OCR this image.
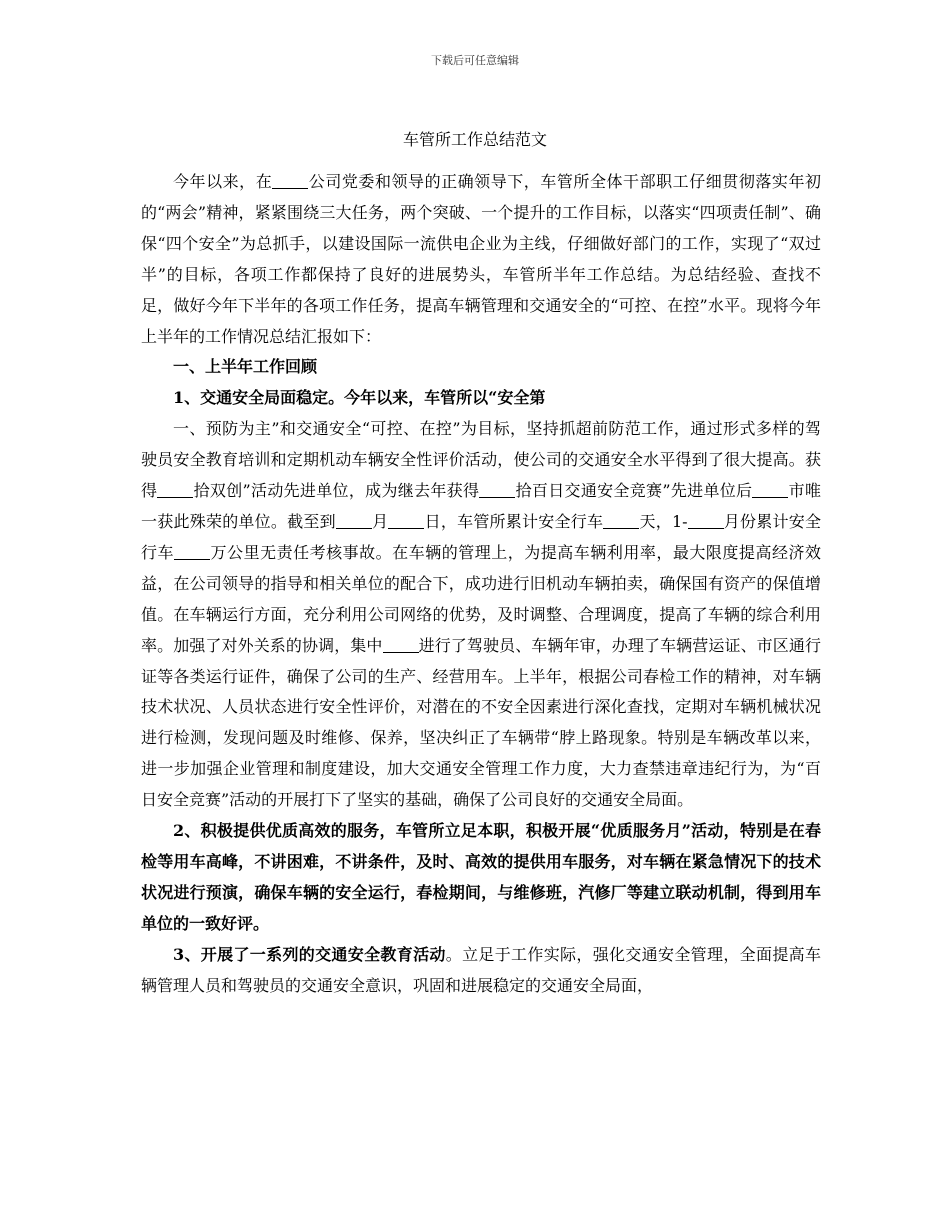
下载后可任意编辑
车管所工作总结范文

今年以来，在 公司党委和领导的正确领导下，车管所全体干部职工仔细贯彻落实年初的“两会”精神，紧紧围绕三大任务，两个突破、一个提升的工作目标，以落实“四项责任制”、确保“四个安全”为总抓手，以建设国际一流供电企业为主线，仔细做好部门的工作，实现了“双过半”的目标，各项工作都保持了良好的进展势头，车管所半年工作总结。为总结经验、查找不足，做好今年下半年的各项工作任务，提高车辆管理和交通安全的“可控、在控”水平。现将今年上半年的工作情况总结汇报如下：

一、上半年工作回顾

1、交通安全局面稳定。今年以来，车管所以“安全第

一、预防为主”和交通安全“可控、在控”为目标，坚持抓超前防范工作，通过形式多样的驾驶员安全教育培训和定期机动车辆安全性评价活动，使公司的交通安全水平得到了很大提高。获得 拾双创”活动先进单位，成为继去年获得 拾百日交通安全竞赛”先进单位后 市唯一获此殊荣的单位。截至到 月 日，车管所累计安全行车 天，1- 月份累计安全行车 万公里无责任考核事故。在车辆的管理上，为提高车辆利用率，最大限度提高经济效益，在公司领导的指导和相关单位的配合下，成功进行旧机动车辆拍卖，确保国有资产的保值增值。在车辆运行方面，充分利用公司网络的优势，及时调整、合理调度，提高了车辆的综合利用率。加强了对外关系的协调，集中 进行了驾驶员、车辆年审，办理了车辆营运证、市区通行证等各类运行证件，确保了公司的生产、经营用车。上半年，根据公司春检工作的精神，对车辆技术状况、人员状态进行安全性评价，对潜在的不安全因素进行深化查找，定期对车辆机械状况进行检测，发现问题及时维修、保养，坚决纠正了车辆带“脖上路现象。特别是车辆改革以来，进一步加强企业管理和制度建设，加大交通安全管理工作力度，大力查禁违章违纪行为，为“百日安全竞赛”活动的开展打下了坚实的基础，确保了公司良好的交通安全局面。

2、积极提供优质高效的服务，车管所立足本职，积极开展“优质服务月”活动，特别是在春检等用车高峰，不讲困难，不讲条件，及时、高效的提供用车服务，对车辆在紧急情况下的技术状况进行预演，确保车辆的安全运行，春检期间，与维修班，汽修厂等建立联动机制，得到用车单位的一致好评。

3、开展了一系列的交通安全教育活动。立足于工作实际，强化交通安全管理，全面提高车辆管理人员和驾驶员的交通安全意识，巩固和进展稳定的交通安全局面，
